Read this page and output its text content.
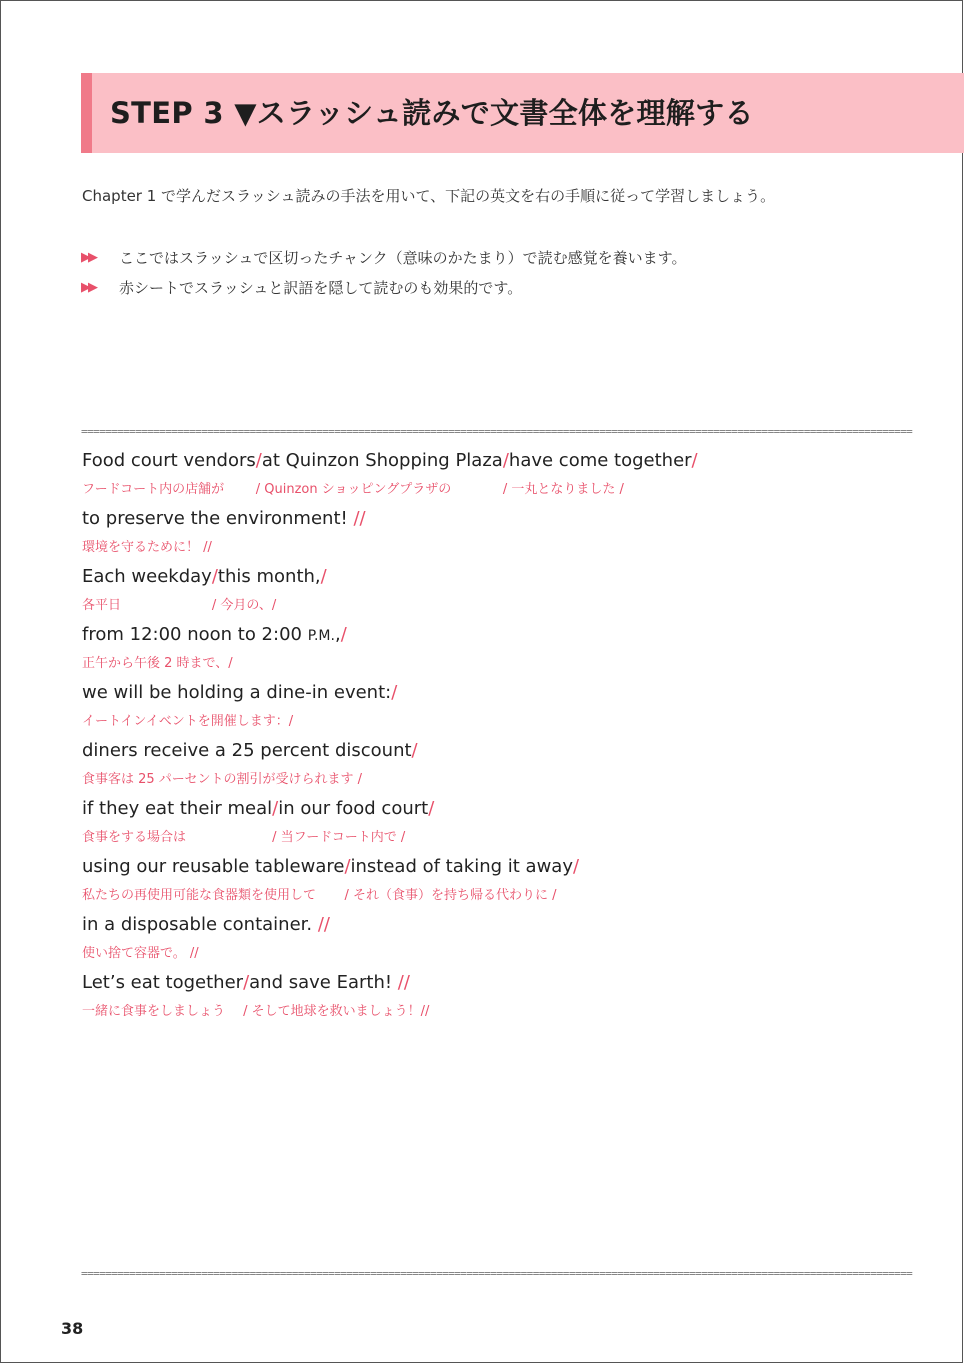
STEP 3 ▼スラッシュ読みで文書全体を理解する
Chapter 1 で学んだスラッシュ読みの手法を用いて、下記の英文を右の手順に従って学習しましょう。
▶▶	ここではスラッシュで区切ったチャンク（意味のかたまり）で読む感覚を養います。
▶▶	赤シートでスラッシュと訳語を隠して読むのも効果的です。
==========================================================================================================================================
Food court vendors/at Quinzon Shopping Plaza/have come together/
フードコート内の店舗が / Quinzon ショッピングプラザの	/ 一丸となりました /
to preserve the environment! //
環境を守るために！ //
Each weekday/this month,/
各平日	/ 今月の、/
from 12:00 noon to 2:00 P.M.,/
正午から午後 2 時まで、/
we will be holding a dine-in event:/
イートインイベントを開催します：/
diners receive a 25 percent discount/
食事客は 25 パーセントの割引が受けられます /
if they eat their meal/in our food court/
食事をする場合は	/ 当フードコート内で /
using our reusable tableware/instead of taking it away/
私たちの再使用可能な食器類を使用して / それ（食事）を持ち帰る代わりに /
in a disposable container. //
使い捨て容器で。 //
Let’s eat together/and save Earth! //
一緒に食事をしましょう / そして地球を救いましょう！//
==========================================================================================================================================
38
